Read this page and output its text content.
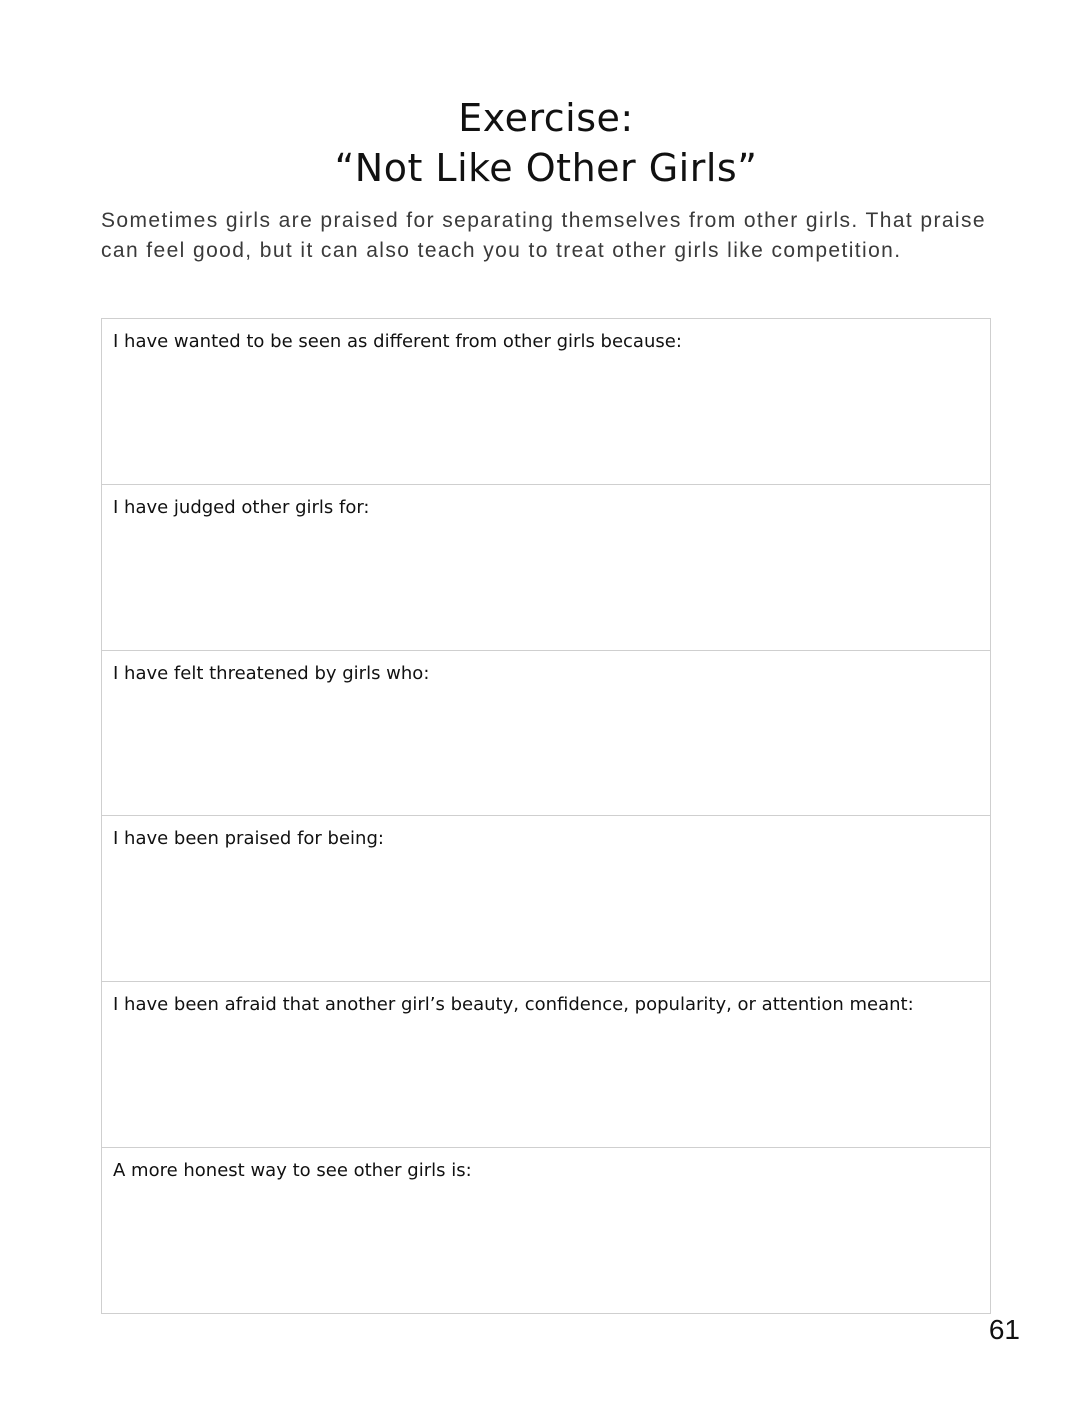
Exercise:
“Not Like Other Girls”

Sometimes girls are praised for separating themselves from other girls. That praise can feel good, but it can also teach you to treat other girls like competition.

I have wanted to be seen as different from other girls because:
I have judged other girls for:
I have felt threatened by girls who:
I have been praised for being:
I have been afraid that another girl’s beauty, confidence, popularity, or attention meant:
A more honest way to see other girls is:
61
